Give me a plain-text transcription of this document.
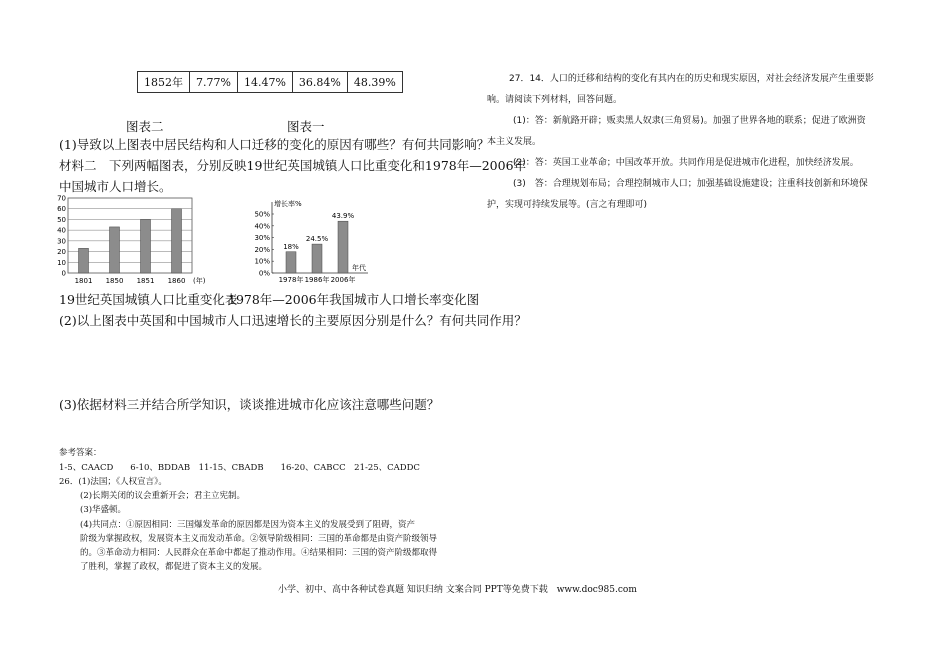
1852年	7.77%	14.47%	36.84%	48.39%
图表二	图表一
(1)导致以上图表中居民结构和人口迁移的变化的原因有哪些？有何共同影响？
材料二　下列两幅图表，分别反映19世纪英国城镇人口比重变化和1978年—2006年
中国城市人口增长。
0
10
20
30
40
50
60
70
1801 1850 1851 1860 (年)
增长率%
0%
10%
20%
30%
40%
50%
18%
1978年
24.5%
1986年
43.9%
2006年
年代
19世纪英国城镇人口比重变化表
1978年—2006年我国城市人口增长率变化图
(2)以上图表中英国和中国城市人口迅速增长的主要原因分别是什么？有何共同作用？
(3)依据材料三并结合所学知识，谈谈推进城市化应该注意哪些问题？
参考答案：
1-5、CAACD　　6-10、BDDAB　11-15、CBADB　　16-20、CABCC　21-25、CADDC
26．(1)法国；《人权宣言》。
(2)长期关闭的议会重新开会；君主立宪制。
(3)华盛顿。
(4)共同点：①原因相同：三国爆发革命的原因都是因为资本主义的发展受到了阻碍，资产
阶级为掌握政权，发展资本主义而发动革命。②领导阶级相同：三国的革命都是由资产阶级领导
的。③革命动力相同：人民群众在革命中都起了推动作用。④结果相同：三国的资产阶级都取得
了胜利，掌握了政权，都促进了资本主义的发展。
小学、初中、高中各种试卷真题 知识归纳 文案合同 PPT等免费下载　www.doc985.com
27．14．人口的迁移和结构的变化有其内在的历史和现实原因，对社会经济发展产生重要影
响。请阅读下列材料，回答问题。
(1)：答：新航路开辟；贩卖黑人奴隶(三角贸易)。加强了世界各地的联系；促进了欧洲资
本主义发展。
(2)：答：英国工业革命；中国改革开放。共同作用是促进城市化进程，加快经济发展。
(3)　答：合理规划布局；合理控制城市人口；加强基础设施建设；注重科技创新和环境保
护，实现可持续发展等。(言之有理即可)
